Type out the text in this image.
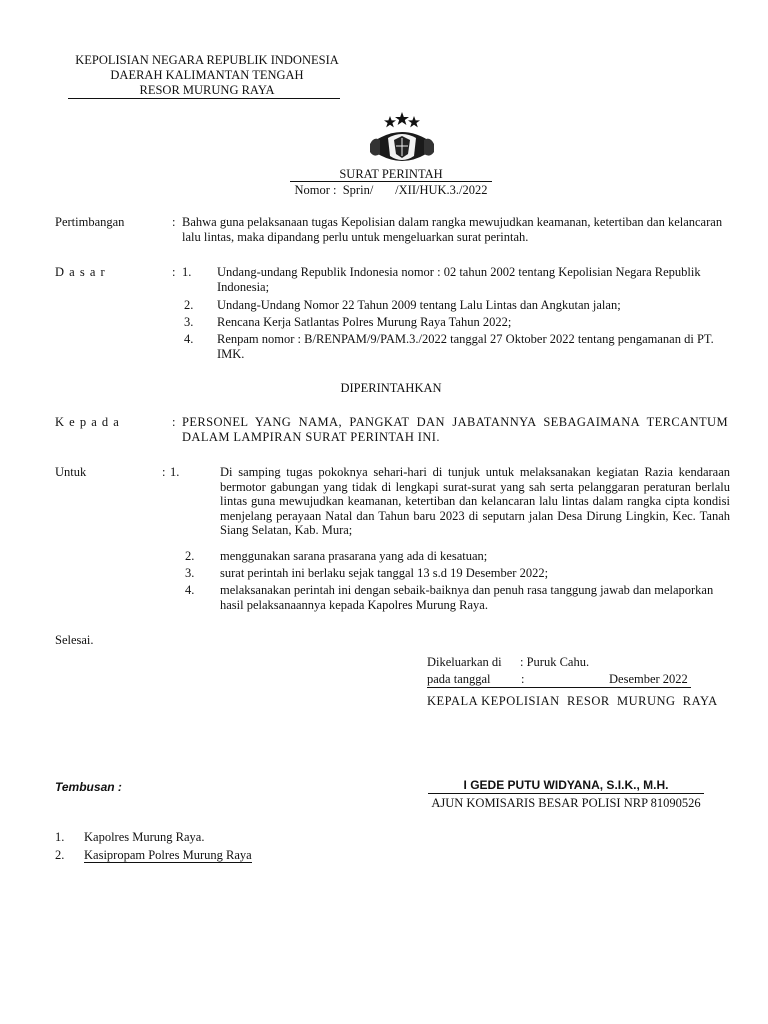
KEPOLISIAN NEGARA REPUBLIK INDONESIA
DAERAH KALIMANTAN TENGAH
RESOR MURUNG RAYA
SURAT PERINTAH
Nomor :  Sprin/       /XII/HUK.3./2022
Pertimbangan	: Bahwa guna pelaksanaan tugas Kepolisian dalam rangka mewujudkan keamanan, ketertiban dan kelancaran lalu lintas, maka dipandang perlu untuk mengeluarkan surat perintah.
D a s a r	: 1. Undang-undang Republik Indonesia nomor : 02 tahun 2002 tentang Kepolisian Negara Republik Indonesia;
2. Undang-Undang Nomor 22 Tahun 2009 tentang Lalu Lintas dan Angkutan jalan;
3. Rencana Kerja Satlantas Polres Murung Raya Tahun 2022;
4. Renpam nomor : B/RENPAM/9/PAM.3./2022 tanggal 27 Oktober 2022 tentang pengamanan di PT. IMK.
DIPERINTAHKAN
K e p a d a	: PERSONEL YANG NAMA, PANGKAT DAN JABATANNYA SEBAGAIMANA TERCANTUM DALAM LAMPIRAN SURAT PERINTAH INI.
Untuk	: 1.	Di samping tugas pokoknya sehari-hari di tunjuk untuk melaksanakan kegiatan Razia kendaraan bermotor gabungan yang tidak di lengkapi surat-surat yang sah serta pelanggaran peraturan berlalu lintas guna mewujudkan keamanan, ketertiban dan kelancaran lalu lintas dalam rangka cipta kondisi menjelang perayaan Natal dan Tahun baru 2023 di seputarn jalan Desa Dirung Lingkin, Kec. Tanah Siang Selatan, Kab. Mura;
2. menggunakan sarana prasarana yang ada di kesatuan;
3. surat perintah ini berlaku sejak tanggal 13 s.d 19 Desember 2022;
4. melaksanakan perintah ini dengan sebaik-baiknya dan penuh rasa tanggung jawab dan melaporkan hasil pelaksanaannya kepada Kapolres Murung Raya.
Selesai.
Dikeluarkan di : Puruk Cahu.
pada tanggal :	Desember 2022
KEPALA KEPOLISIAN  RESOR  MURUNG  RAYA
Tembusan :	I GEDE PUTU WIDYANA, S.I.K., M.H.
AJUN KOMISARIS BESAR POLISI NRP 81090526
1. Kapolres Murung Raya.
2. Kasipropam Polres Murung Raya
